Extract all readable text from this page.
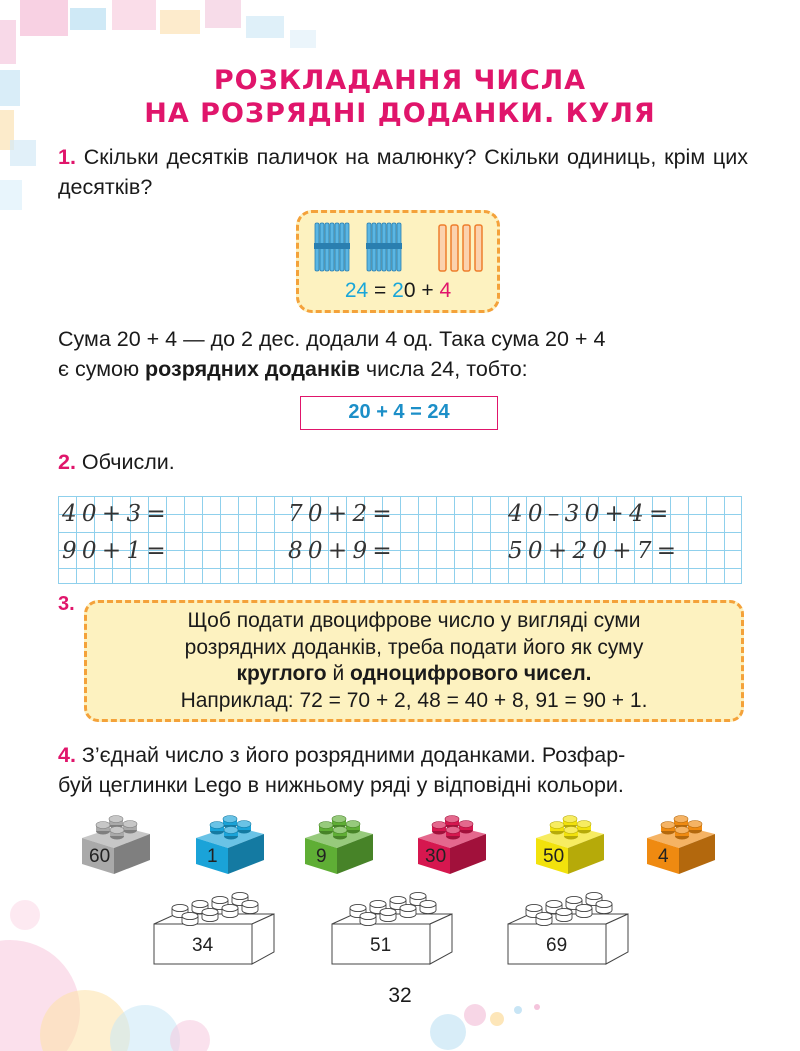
РОЗКЛАДАННЯ ЧИСЛА
НА РОЗРЯДНІ ДОДАНКИ. КУЛЯ
1. Скільки десятків паличок на малюнку? Скільки одиниць, крім цих десятків?
24 = 20 + 4
Сума 20 + 4 — до 2 дес. додали 4 од. Така сума 20 + 4
є сумою розрядних доданків числа 24, тобто:
20 + 4 = 24
2. Обчисли.
40+3=	70+2=	40–30+4=
90+1=	80+9=	50+20+7=
3.
Щоб подати двоцифрове число у вигляді суми
розрядних доданків, треба подати його як суму
круглого й одноцифрового чисел.
Наприклад: 72 = 70 + 2, 48 = 40 + 8, 91 = 90 + 1.
4. З’єднай число з його розрядними доданками. Розфар-
буй цеглинки Lego в нижньому ряді у відповідні кольори.
60	1	9	30	50	4
34	51	69
32
